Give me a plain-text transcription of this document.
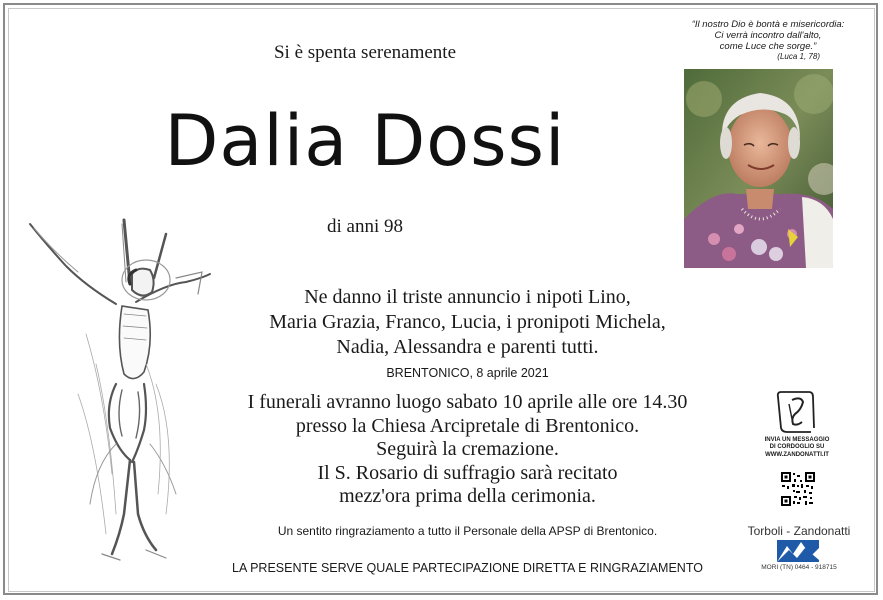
Si è spenta serenamente
Dalia Dossi
di anni 98
“Il nostro Dio è bontà e misericordia:
Ci verrà incontro dall'alto,
come Luce che sorge.”
(Luca 1, 78)
Ne danno il triste annuncio i nipoti Lino,
Maria Grazia, Franco, Lucia, i pronipoti Michela,
Nadia, Alessandra e parenti tutti.
BRENTONICO, 8 aprile 2021
I funerali avranno luogo sabato 10 aprile alle ore 14.30
presso la Chiesa Arcipretale di Brentonico.
Seguirà la cremazione.
Il S. Rosario di suffragio sarà recitato
mezz'ora prima della cerimonia.
Un sentito ringraziamento a tutto il Personale della APSP di Brentonico.
LA PRESENTE SERVE QUALE PARTECIPAZIONE DIRETTA E RINGRAZIAMENTO
INVIA UN MESSAGGIO
DI CORDOGLIO SU
WWW.ZANDONATTI.IT
Torboli - Zandonatti
MORI (TN) 0464 - 918715
